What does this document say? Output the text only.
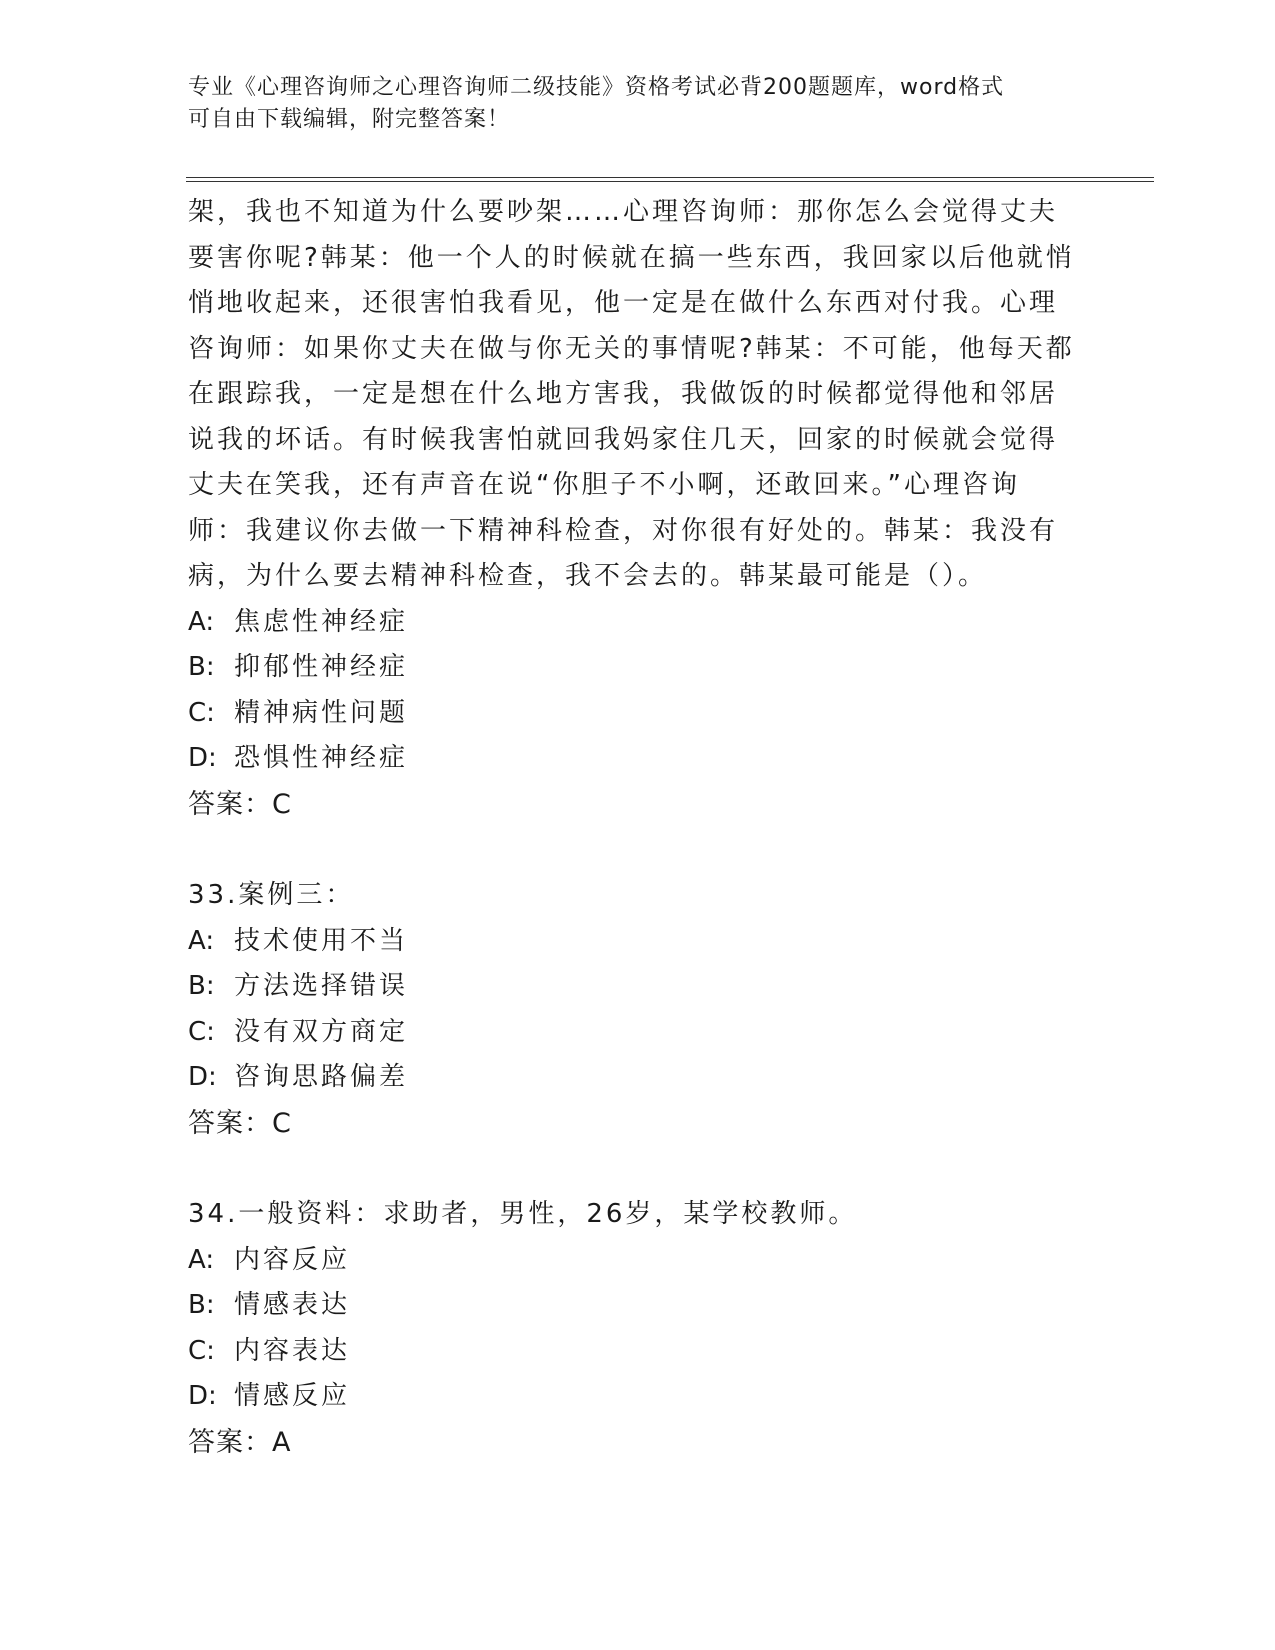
专业《心理咨询师之心理咨询师二级技能》资格考试必背200题题库，word格式
可自由下载编辑，附完整答案！

架，我也不知道为什么要吵架……心理咨询师：那你怎么会觉得丈夫

要害你呢?韩某：他一个人的时候就在搞一些东西，我回家以后他就悄

悄地收起来，还很害怕我看见，他一定是在做什么东西对付我。心理

咨询师：如果你丈夫在做与你无关的事情呢?韩某：不可能，他每天都

在跟踪我，一定是想在什么地方害我，我做饭的时候都觉得他和邻居

说我的坏话。有时候我害怕就回我妈家住几天，回家的时候就会觉得

丈夫在笑我，还有声音在说“你胆子不小啊，还敢回来。”心理咨询

师：我建议你去做一下精神科检查，对你很有好处的。韩某：我没有

病，为什么要去精神科检查，我不会去的。韩某最可能是（）。

A: 焦虑性神经症

B: 抑郁性神经症

C: 精神病性问题

D: 恐惧性神经症

答案：C

33.案例三：

A: 技术使用不当

B: 方法选择错误

C: 没有双方商定

D: 咨询思路偏差

答案：C

34.一般资料：求助者，男性，26岁，某学校教师。

A: 内容反应

B: 情感表达

C: 内容表达

D: 情感反应

答案：A
